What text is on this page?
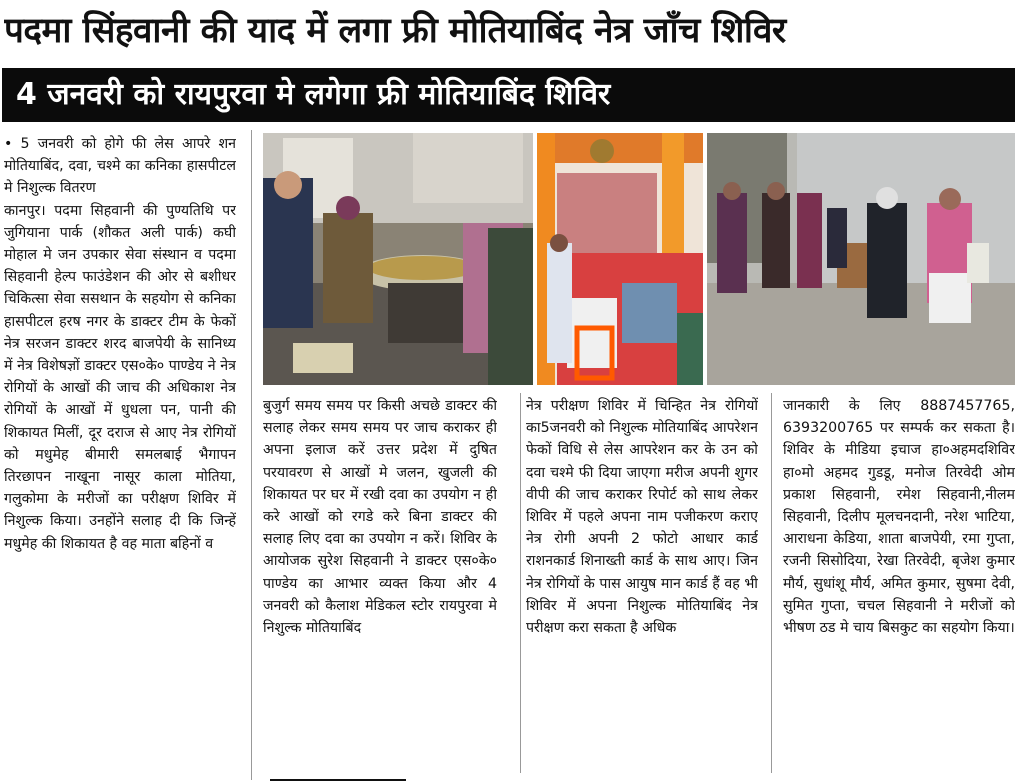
पदमा सिंहवानी की याद में लगा फ्री मोतियाबिंद नेत्र जाँच शिविर
4 जनवरी को रायपुरवा मे लगेगा फ्री मोतियाबिंद शिविर

• 5 जनवरी को होगे फी लेस आपरे शन मोतियाबिंद, दवा, चश्मे का कनिका हासपीटल मे निशुल्क वितरण

कानपुर। पदमा सिहवानी की पुण्यतिथि पर जुगियाना पार्क (शौकत अली पार्क) कघी मोहाल मे जन उपकार सेवा संस्थान व पदमा सिहवानी हेल्प फाउंडेशन की ओर से बशीधर चिकित्सा सेवा ससथान के सहयोग से कनिका हासपीटल हरष नगर के डाक्टर टीम के फेकों नेत्र सरजन डाक्टर शरद बाजपेयी के सानिध्य में नेत्र विशेषज्ञों डाक्टर एस०के० पाण्डेय ने नेत्र रोगियों के आखों की जाच की अधिकाश नेत्र रोगियों के आखों में धुधला पन, पानी की शिकायत मिलीं, दूर दराज से आए नेत्र रोगियों को मधुमेह बीमारी समलबाई भैगापन तिरछापन नाखूना नासूर काला मोतिया, गलुकोमा के मरीजों का परीक्षण शिविर में निशुल्क किया। उनहोंने सलाह दी कि जिन्हें मधुमेह की शिकायत है वह माता बहिनों व

बुजुर्ग समय समय पर किसी अचछे डाक्टर की सलाह लेकर समय समय पर जाच कराकर ही अपना इलाज करें उत्तर प्रदेश में दुषित परयावरण से आखों मे जलन, खुजली की शिकायत पर घर में रखी दवा का उपयोग न ही करे आखों को रगडे करे बिना डाक्टर की सलाह लिए दवा का उपयोग न करें। शिविर के आयोजक सुरेश सिहवानी ने डाक्टर एस०के० पाण्डेय का आभार व्यक्त किया और 4 जनवरी को कैलाश मेडिकल स्टोर रायपुरवा मे निशुल्क मोतियाबिंद

नेत्र परीक्षण शिविर में चिन्हित नेत्र रोगियों का5जनवरी को निशुल्क मोतियाबिंद आपरेशन फेकों विधि से लेस आपरेशन कर के उन को दवा चश्मे फी दिया जाएगा मरीज अपनी शुगर वीपी की जाच कराकर रिपोर्ट को साथ लेकर शिविर में पहले अपना नाम पजीकरण कराए नेत्र रोगी अपनी 2 फोटो आधार कार्ड राशनकार्ड शिनाख्ती कार्ड के साथ आए। जिन नेत्र रोगियों के पास आयुष मान कार्ड हैं वह भी शिविर में अपना निशुल्क मोतियाबिंद नेत्र परीक्षण करा सकता है अधिक

जानकारी के लिए 8887457765, 6393200765 पर सम्पर्क कर सकता है। शिविर के मीडिया इचाज हा०अहमदशिविर हा०मो अहमद गुडडू, मनोज तिरवेदी ओम प्रकाश सिहवानी, रमेश सिहवानी,नीलम सिहवानी, दिलीप मूलचनदानी, नरेश भाटिया, आराधना केडिया, शाता बाजपेयी, रमा गुप्ता, रजनी सिसोदिया, रेखा तिरवेदी, बृजेश कुमार मौर्य, सुधांशू मौर्य, अमित कुमार, सुषमा देवी, सुमित गुप्ता, चचल सिहवानी ने मरीजों को भीषण ठड मे चाय बिसकुट का सहयोग किया।
